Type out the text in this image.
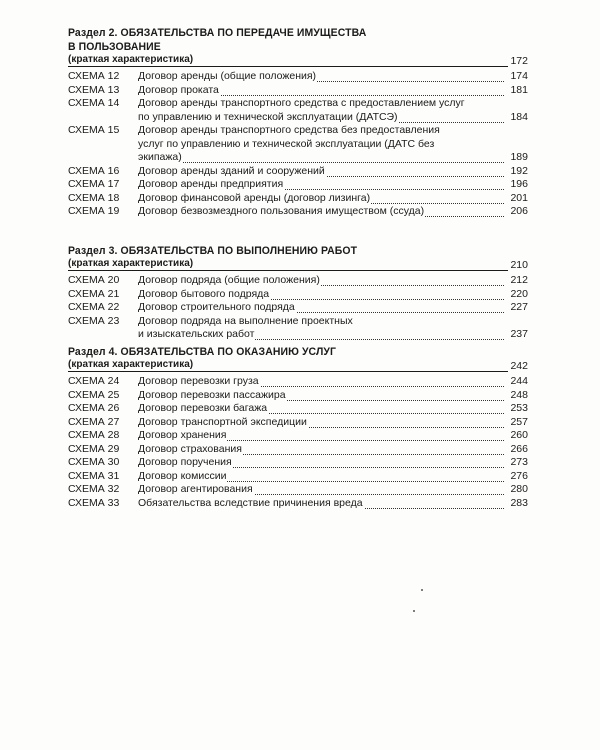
Раздел 2. ОБЯЗАТЕЛЬСТВА ПО ПЕРЕДАЧЕ ИМУЩЕСТВА
В ПОЛЬЗОВАНИЕ
(краткая характеристика)	172
СХЕМА 12	Договор аренды (общие положения)	174
СХЕМА 13	Договор проката	181
СХЕМА 14	Договор аренды транспортного средства с предоставлением услуг
по управлению и технической эксплуатации (ДАТСЭ)	184
СХЕМА 15	Договор аренды транспортного средства без предоставления
услуг по управлению и технической эксплуатации (ДАТС без
экипажа)	189
СХЕМА 16	Договор аренды зданий и сооружений	192
СХЕМА 17	Договор аренды предприятия	196
СХЕМА 18	Договор финансовой аренды (договор лизинга)	201
СХЕМА 19	Договор безвозмездного пользования имуществом (ссуда)	206
Раздел 3. ОБЯЗАТЕЛЬСТВА ПО ВЫПОЛНЕНИЮ РАБОТ
(краткая характеристика)	210
СХЕМА 20	Договор подряда (общие положения)	212
СХЕМА 21	Договор бытового подряда	220
СХЕМА 22	Договор строительного подряда	227
СХЕМА 23	Договор подряда на выполнение проектных
и изыскательских работ	237
Раздел 4. ОБЯЗАТЕЛЬСТВА ПО ОКАЗАНИЮ УСЛУГ
(краткая характеристика)	242
СХЕМА 24	Договор перевозки груза	244
СХЕМА 25	Договор перевозки пассажира	248
СХЕМА 26	Договор перевозки багажа	253
СХЕМА 27	Договор транспортной экспедиции	257
СХЕМА 28	Договор хранения	260
СХЕМА 29	Договор страхования	266
СХЕМА 30	Договор поручения	273
СХЕМА 31	Договор комиссии	276
СХЕМА 32	Договор агентирования	280
СХЕМА 33	Обязательства вследствие причинения вреда	283
